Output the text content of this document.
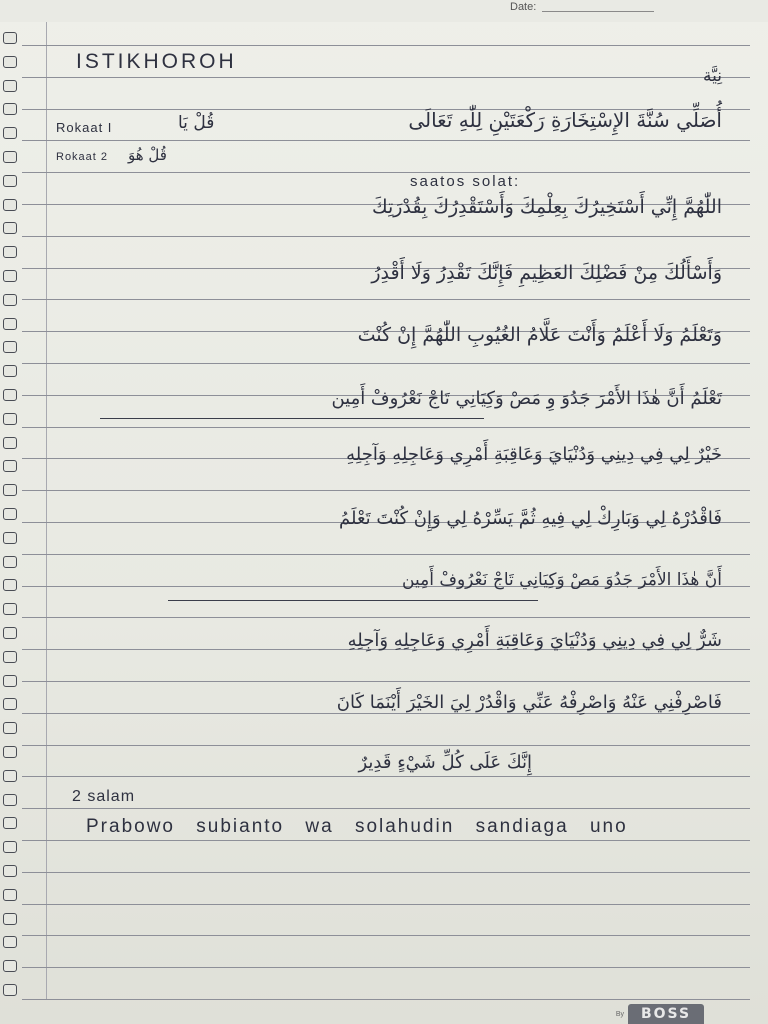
Date:
ISTIKHOROH
نِيَّة
Rokaat I	قُلْ يَا	أُصَلِّي سُنَّةَ الإِسْتِخَارَةِ رَكْعَتَيْنِ لِلّٰهِ تَعَالَى
Rokaat 2 قُلْ هُوَ
saatos solat:
اللّٰهُمَّ إِنِّي أَسْتَخِيرُكَ بِعِلْمِكَ وَأَسْتَقْدِرُكَ بِقُدْرَتِكَ
وَأَسْأَلُكَ مِنْ فَضْلِكَ العَظِيمِ فَإِنَّكَ تَقْدِرُ وَلَا أَقْدِرُ
وَتَعْلَمُ وَلَا أَعْلَمُ وَأَنْتَ عَلَّامُ الغُيُوبِ اللّٰهُمَّ إِنْ كُنْتَ
تَعْلَمُ أَنَّ هٰذَا الأَمْرَ جَدُوَ وِ مَصْ وَكِيَانِي تَاجْ نَعْرُوفْ أَمِين
خَيْرٌ لِي فِي دِينِي وَدُنْيَايَ وَعَاقِبَةِ أَمْرِي وَعَاجِلِهِ وَآجِلِهِ
فَاقْدُرْهُ لِي وَبَارِكْ لِي فِيهِ ثُمَّ يَسِّرْهُ لِي وَإِنْ كُنْتَ تَعْلَمُ
أَنَّ هٰذَا الأَمْرَ جَدُوَ مَصْ وَكِيَانِي تَاجْ نَعْرُوفْ أَمِين
شَرٌّ لِي فِي دِينِي وَدُنْيَايَ وَعَاقِبَةِ أَمْرِي وَعَاجِلِهِ وَآجِلِهِ
فَاصْرِفْنِي عَنْهُ وَاصْرِفْهُ عَنِّي وَاقْدُرْ لِيَ الخَيْرَ أَيْنَمَا كَانَ
إِنَّكَ عَلَى كُلِّ شَيْءٍ قَدِيرٌ
2 salam
Prabowo subianto wa solahudin sandiaga uno
By	BOSS
